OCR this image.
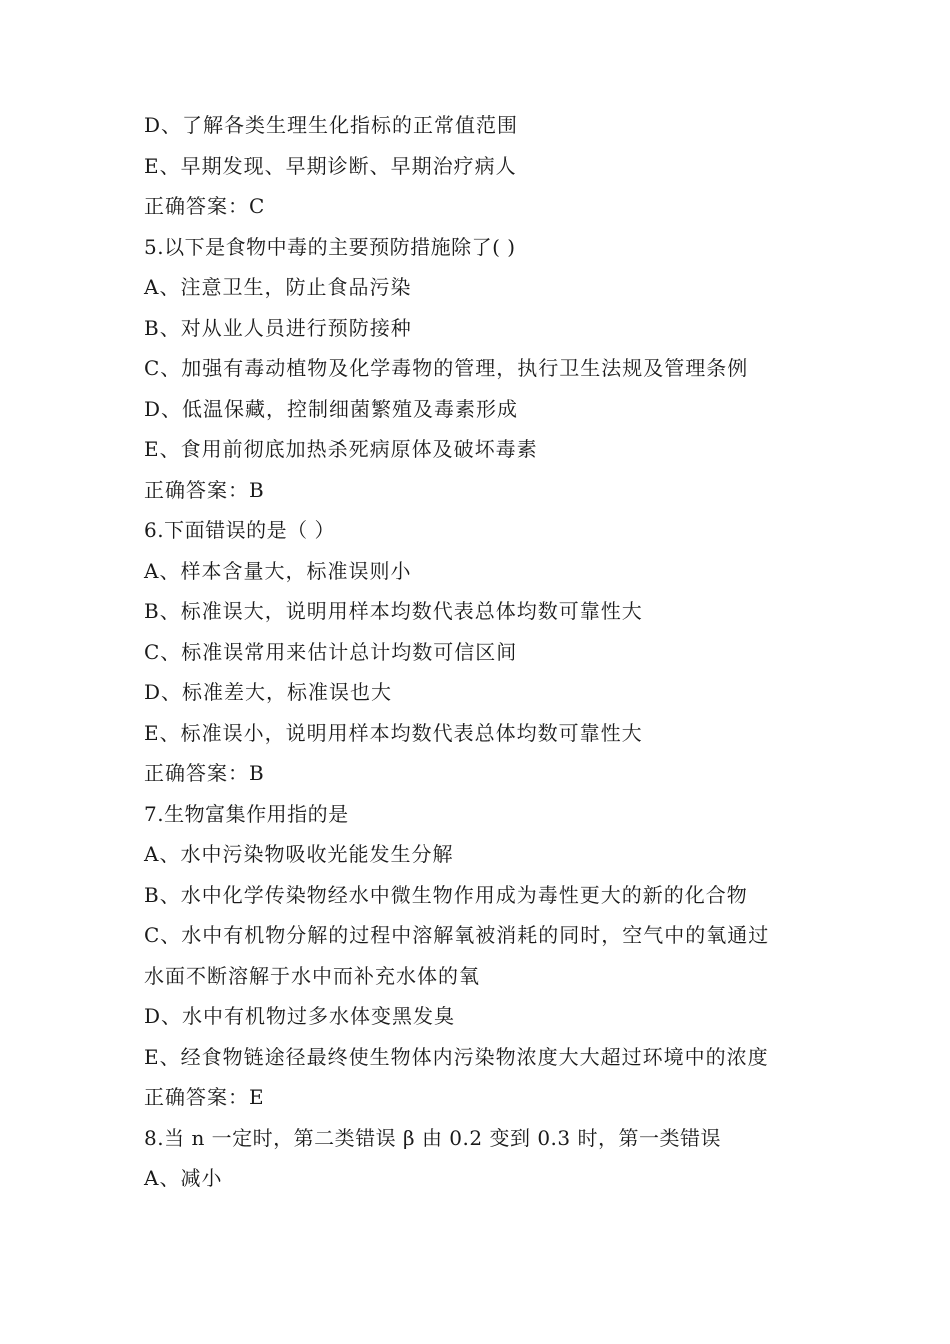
D、了解各类生理生化指标的正常值范围
E、早期发现、早期诊断、早期治疗病人
正确答案：C
5.以下是食物中毒的主要预防措施除了( )
A、注意卫生，防止食品污染
B、对从业人员进行预防接种
C、加强有毒动植物及化学毒物的管理，执行卫生法规及管理条例
D、低温保藏，控制细菌繁殖及毒素形成
E、食用前彻底加热杀死病原体及破坏毒素
正确答案：B
6.下面错误的是（ ）
A、样本含量大，标准误则小
B、标准误大，说明用样本均数代表总体均数可靠性大
C、标准误常用来估计总计均数可信区间
D、标准差大，标准误也大
E、标准误小，说明用样本均数代表总体均数可靠性大
正确答案：B
7.生物富集作用指的是
A、水中污染物吸收光能发生分解
B、水中化学传染物经水中微生物作用成为毒性更大的新的化合物
C、水中有机物分解的过程中溶解氧被消耗的同时，空气中的氧通过
水面不断溶解于水中而补充水体的氧
D、水中有机物过多水体变黑发臭
E、经食物链途径最终使生物体内污染物浓度大大超过环境中的浓度
正确答案：E
8.当 n 一定时，第二类错误 β 由 0.2 变到 0.3 时，第一类错误
A、减小
